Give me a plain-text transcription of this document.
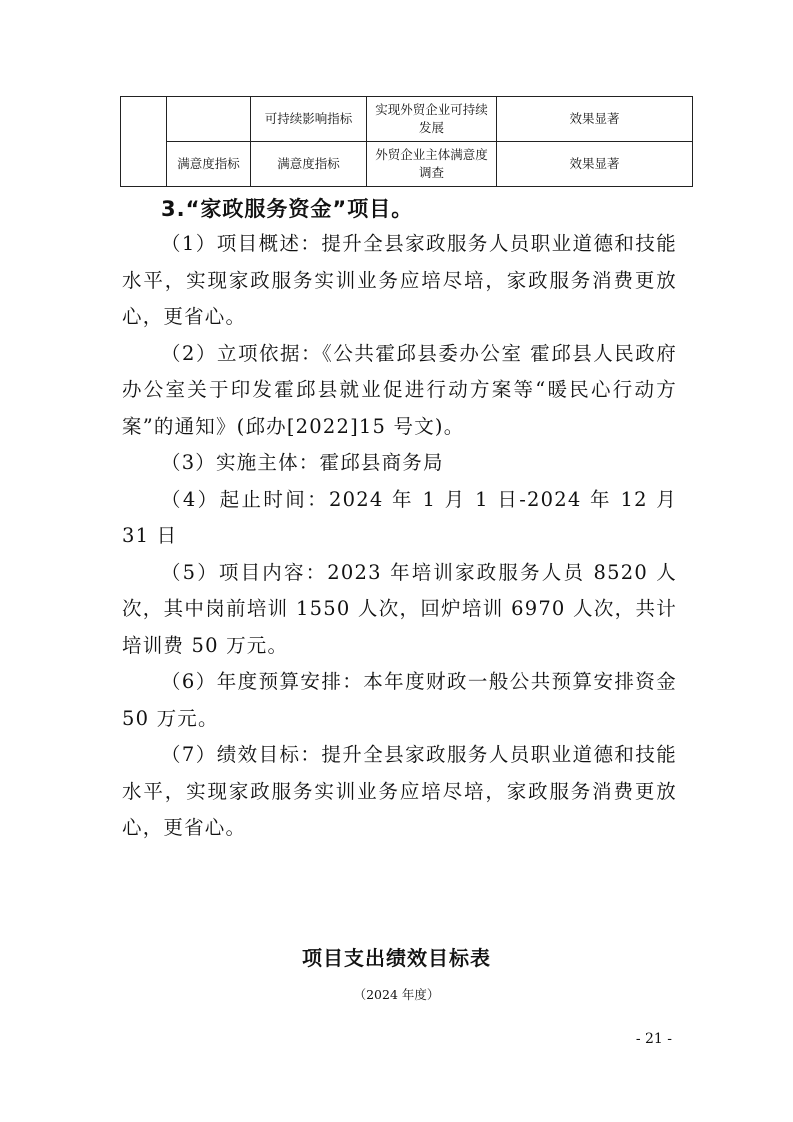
		可持续影响指标	实现外贸企业可持续发展	效果显著
	满意度指标	满意度指标	外贸企业主体满意度调查	效果显著
3.“家政服务资金”项目。

（1）项目概述：提升全县家政服务人员职业道德和技能水平，实现家政服务实训业务应培尽培，家政服务消费更放心，更省心。

（2）立项依据：《公共霍邱县委办公室 霍邱县人民政府办公室关于印发霍邱县就业促进行动方案等“暖民心行动方案”的通知》(邱办[2022]15 号文)。

（3）实施主体：霍邱县商务局

（4）起止时间：2024 年 1 月 1 日-2024 年 12 月 31 日

（5）项目内容：2023 年培训家政服务人员 8520 人次，其中岗前培训 1550 人次，回炉培训 6970 人次，共计培训费 50 万元。

（6）年度预算安排：本年度财政一般公共预算安排资金 50 万元。

（7）绩效目标：提升全县家政服务人员职业道德和技能水平，实现家政服务实训业务应培尽培，家政服务消费更放心，更省心。

项目支出绩效目标表
（2024 年度）
- 21 -
